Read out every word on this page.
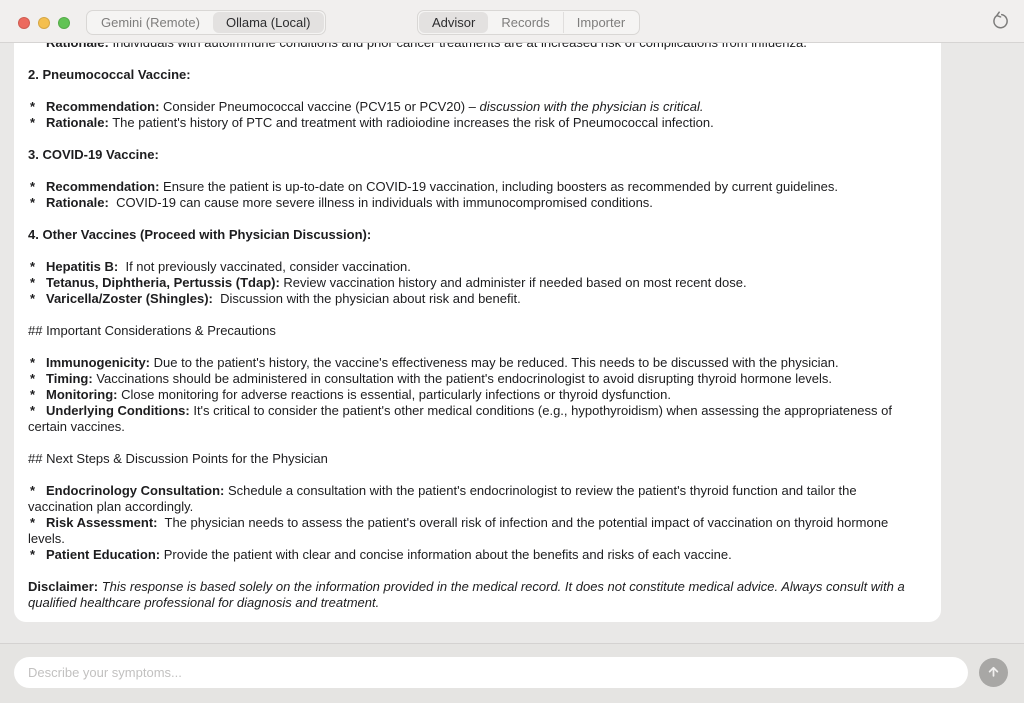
Gemini (Remote)	Ollama (Local)	Advisor	Records	Importer
2. Pneumococcal Vaccine:
* Recommendation: Consider Pneumococcal vaccine (PCV15 or PCV20) – discussion with the physician is critical.
* Rationale: The patient's history of PTC and treatment with radioiodine increases the risk of Pneumococcal infection.
3. COVID-19 Vaccine:
* Recommendation: Ensure the patient is up-to-date on COVID-19 vaccination, including boosters as recommended by current guidelines.
* Rationale:  COVID-19 can cause more severe illness in individuals with immunocompromised conditions.
4. Other Vaccines (Proceed with Physician Discussion):
* Hepatitis B:  If not previously vaccinated, consider vaccination.
* Tetanus, Diphtheria, Pertussis (Tdap): Review vaccination history and administer if needed based on most recent dose.
* Varicella/Zoster (Shingles):  Discussion with the physician about risk and benefit.
## Important Considerations & Precautions
* Immunogenicity: Due to the patient's history, the vaccine's effectiveness may be reduced. This needs to be discussed with the physician.
* Timing: Vaccinations should be administered in consultation with the patient's endocrinologist to avoid disrupting thyroid hormone levels.
* Monitoring: Close monitoring for adverse reactions is essential, particularly infections or thyroid dysfunction.
* Underlying Conditions: It's critical to consider the patient's other medical conditions (e.g., hypothyroidism) when assessing the appropriateness of certain vaccines.
## Next Steps & Discussion Points for the Physician
* Endocrinology Consultation: Schedule a consultation with the patient's endocrinologist to review the patient's thyroid function and tailor the vaccination plan accordingly.
* Risk Assessment:  The physician needs to assess the patient's overall risk of infection and the potential impact of vaccination on thyroid hormone levels.
* Patient Education: Provide the patient with clear and concise information about the benefits and risks of each vaccine.
Disclaimer: This response is based solely on the information provided in the medical record. It does not constitute medical advice. Always consult with a qualified healthcare professional for diagnosis and treatment.
Describe your symptoms...
